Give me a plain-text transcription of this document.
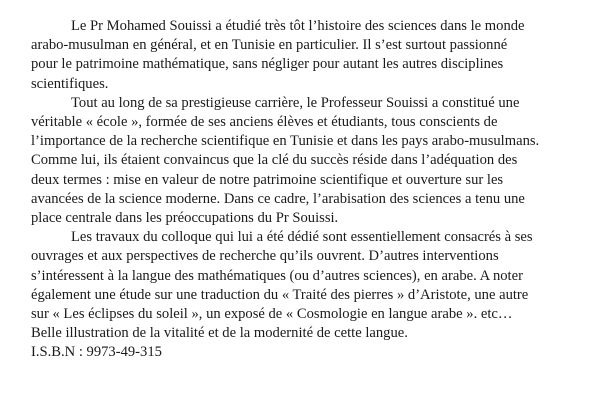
Le Pr Mohamed Souissi a étudié très tôt l’histoire des sciences dans le monde
arabo-musulman en général, et en Tunisie en particulier. Il s’est surtout passionné
pour le patrimoine mathématique, sans négliger pour autant les autres disciplines
scientifiques.

Tout au long de sa prestigieuse carrière, le Professeur Souissi a constitué une
véritable « école », formée de ses anciens élèves et étudiants, tous conscients de
l’importance de la recherche scientifique en Tunisie et dans les pays arabo-musulmans.
Comme lui, ils étaient convaincus que la clé du succès réside dans l’adéquation des
deux termes : mise en valeur de notre patrimoine scientifique et ouverture sur les
avancées de la science moderne. Dans ce cadre, l’arabisation des sciences a tenu une
place centrale dans les préoccupations du Pr Souissi.

Les travaux du colloque qui lui a été dédié sont essentiellement consacrés à ses
ouvrages et aux perspectives de recherche qu’ils ouvrent. D’autres interventions
s’intéressent à la langue des mathématiques (ou d’autres sciences), en arabe. A noter
également une étude sur une traduction du « Traité des pierres » d’Aristote, une autre
sur « Les éclipses du soleil », un exposé de « Cosmologie en langue arabe ». etc…
Belle illustration de la vitalité et de la modernité de cette langue.

I.S.B.N : 9973-49-315
